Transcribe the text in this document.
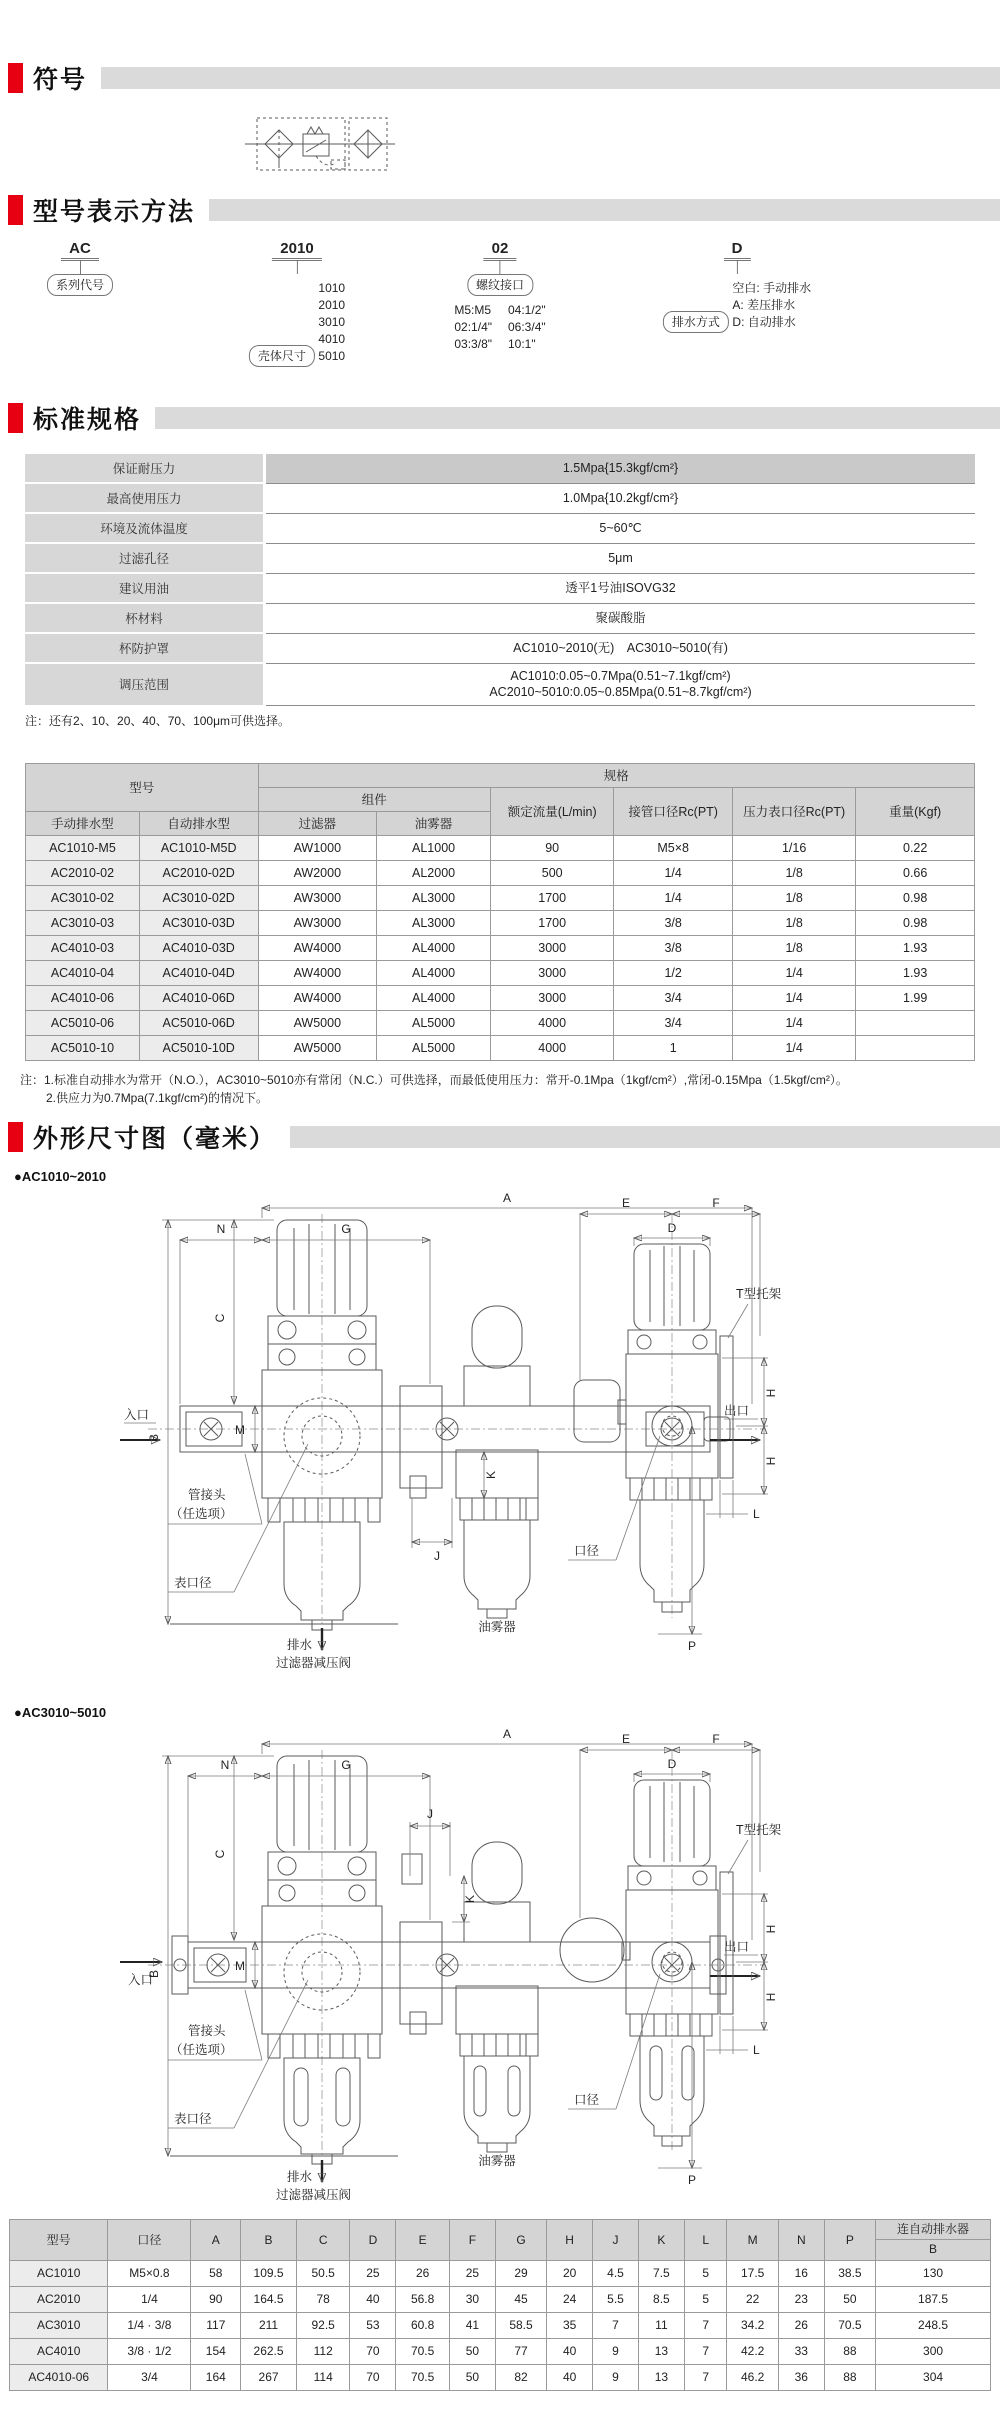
符号
型号表示方法
AC
系列代号
2010
壳体尺寸
1010
2010
3010
4010
5010
02
螺纹接口
M5:M5
02:1/4"
03:3/8"
04:1/2"
06:3/4"
10:1"
D
排水方式
空白: 手动排水
A: 差压排水
D: 自动排水
标准规格
保证耐压力	1.5Mpa{15.3kgf/cm²}
最高使用压力	1.0Mpa{10.2kgf/cm²}
环境及流体温度	5~60℃
过滤孔径	5μm
建议用油	透平1号油ISOVG32
杯材料	聚碳酸脂
杯防护罩	AC1010~2010(无)　AC3010~5010(有)
调压范围	AC1010:0.05~0.7Mpa(0.51~7.1kgf/cm²)
AC2010~5010:0.05~0.85Mpa(0.51~8.7kgf/cm²)
注：还有2、10、20、40、70、100μm可供选择。
型号		规格					
		组件		额定流量(L/min)	接管口径Rc(PT)	压力表口径Rc(PT)	重量(Kgf)
手动排水型	自动排水型	过滤器	油雾器				
AC1010-M5	AC1010-M5D	AW1000	AL1000	90	M5×8	1/16	0.22
AC2010-02	AC2010-02D	AW2000	AL2000	500	1/4	1/8	0.66
AC3010-02	AC3010-02D	AW3000	AL3000	1700	1/4	1/8	0.98
AC3010-03	AC3010-03D	AW3000	AL3000	1700	3/8	1/8	0.98
AC4010-03	AC4010-03D	AW4000	AL4000	3000	3/8	1/8	1.93
AC4010-04	AC4010-04D	AW4000	AL4000	3000	1/2	1/4	1.93
AC4010-06	AC4010-06D	AW4000	AL4000	3000	3/4	1/4	1.99
AC5010-06	AC5010-06D	AW5000	AL5000	4000	3/4	1/4	
AC5010-10	AC5010-10D	AW5000	AL5000	4000	1	1/4	
注：1.标准自动排水为常开（N.O.），AC3010~5010亦有常闭（N.C.）可供选择，而最低使用压力：常开-0.1Mpa（1kgf/cm²）,常闭-0.15Mpa（1.5kgf/cm²）。
2.供应力为0.7Mpa(7.1kgf/cm²)的情况下。
外形尺寸图（毫米）
●AC1010~2010
A
N	G
C
B
M
入口	出口
J
K
管接头
（任选项）
表口径
排水
过滤器减压阀
油雾器
E	F
D
T型托架
H
H
L
P
口径
●AC3010~5010
A
N	G
J
K
C
B
M
入口
出口
管接头
（任选项）
表口径
排水
过滤器减压阀
油雾器
E	F
D
T型托架
H
H
L
P
口径
型号	口径	A	B	C	D	E	F	G	H	J	K	L	M	N	P	连自动排水器
B

AC1010	M5×0.8	58	109.5	50.5	25	26	25	29	20	4.5	7.5	5	17.5	16	38.5	130
AC2010	1/4	90	164.5	78	40	56.8	30	45	24	5.5	8.5	5	22	23	50	187.5
AC3010	1/4 · 3/8	117	211	92.5	53	60.8	41	58.5	35	7	11	7	34.2	26	70.5	248.5
AC4010	3/8 · 1/2	154	262.5	112	70	70.5	50	77	40	9	13	7	42.2	33	88	300
AC4010-06	3/4	164	267	114	70	70.5	50	82	40	9	13	7	46.2	36	88	304
